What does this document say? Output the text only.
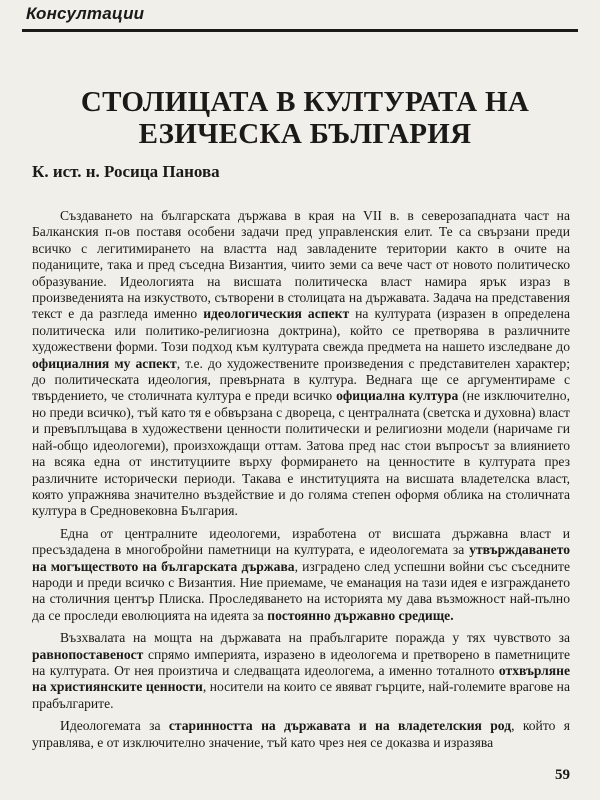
Консултации
СТОЛИЦАТА В КУЛТУРАТА НА ЕЗИЧЕСКА БЪЛГАРИЯ
К. ист. н. Росица Панова

Създаването на българската държава в края на VII в. в северозападната част на Балканския п-ов поставя особени задачи пред управленския елит. Те са свързани преди всичко с легитимирането на властта над завладените територии както в очите на поданиците, така и пред съседна Византия, чиито земи са вече част от новото политическо образувание. Идеологията на висшата политическа власт намира ярък израз в произведенията на изкуството, сътворени в столицата на държавата. Задача на представения текст е да разгледа именно идеологическия аспект на културата (изразен в определена политическа или политико-религиозна доктрина), който се претворява в различните художествени форми. Този подход към културата свежда предмета на нашето изследване до официалния му аспект, т.е. до художествените произведения с представителен характер; до политическата идеология, превърната в култура. Веднага ще се аргументираме с твърдението, че столичната култура е преди всичко официална култура (не изключително, но преди всичко), тъй като тя е обвързана с двореца, с централната (светска и духовна) власт и превъплъщава в художествени ценности политически и религиозни модели (наричаме ги най-общо идеологеми), произхождащи оттам. Затова пред нас стои въпросът за влиянието на всяка една от институциите върху формирането на ценностите в културата през различните исторически периоди. Такава е институцията на висшата владетелска власт, която упражнява значително въздействие и до голяма степен оформя облика на столичната култура в Средновековна България.

Една от централните идеологеми, изработена от висшата държавна власт и пресъздадена в многобройни паметници на културата, е идеологемата за утвърждаването на могъществото на българската държава, изградено след успешни войни със съседните народи и преди всичко с Византия. Ние приемаме, че еманация на тази идея е изграждането на столичния център Плиска. Проследяването на историята му дава възможност най-пълно да се проследи еволюцията на идеята за постоянно държавно средище.

Възхвалата на мощта на държавата на прабългарите поражда у тях чувството за равнопоставеност спрямо империята, изразено в идеологема и претворено в паметниците на културата. От нея произтича и следващата идеологема, а именно тоталното отхвърляне на християнските ценности, носители на които се явяват гърците, най-големите врагове на прабългарите.

Идеологемата за старинността на държавата и на владетелския род, който я управлява, е от изключително значение, тъй като чрез нея се доказва и изразява

59
